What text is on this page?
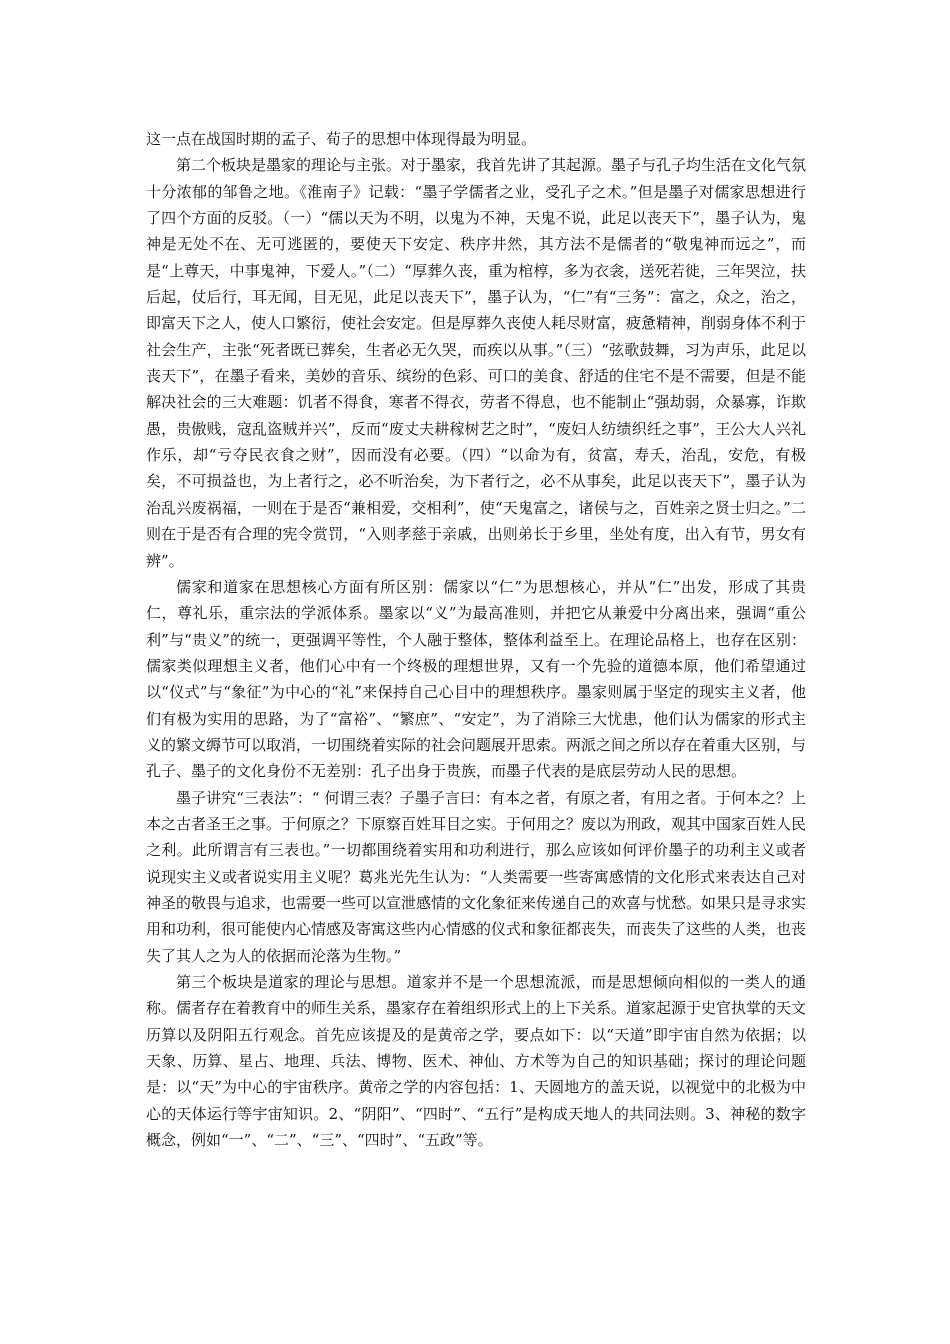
这一点在战国时期的孟子、荀子的思想中体现得最为明显。

第二个板块是墨家的理论与主张。对于墨家，我首先讲了其起源。墨子与孔子均生活在文化气氛十分浓郁的邹鲁之地。《淮南子》记载：“墨子学儒者之业，受孔子之术。”但是墨子对儒家思想进行了四个方面的反驳。（一）“儒以天为不明，以鬼为不神，天鬼不说，此足以丧天下”，墨子认为，鬼神是无处不在、无可逃匿的，要使天下安定、秩序井然，其方法不是儒者的“敬鬼神而远之”，而是“上尊天，中事鬼神，下爱人。”（二）“厚葬久丧，重为棺椁，多为衣衾，送死若徙，三年哭泣，扶后起，仗后行，耳无闻，目无见，此足以丧天下”，墨子认为，“仁”有“三务”：富之，众之，治之，即富天下之人，使人口繁衍，使社会安定。但是厚葬久丧使人耗尽财富，疲惫精神，削弱身体不利于社会生产，主张“死者既已葬矣，生者必无久哭，而疾以从事。”（三）“弦歌鼓舞，习为声乐，此足以丧天下”，在墨子看来，美妙的音乐、缤纷的色彩、可口的美食、舒适的住宅不是不需要，但是不能解决社会的三大难题：饥者不得食，寒者不得衣，劳者不得息，也不能制止“强劫弱，众暴寡，诈欺愚，贵傲贱，寇乱盗贼并兴”，反而“废丈夫耕稼树艺之时”，“废妇人纺绩织纴之事”，王公大人兴礼作乐，却“亏夺民衣食之财”，因而没有必要。（四）“以命为有，贫富，寿夭，治乱，安危，有极矣，不可损益也，为上者行之，必不听治矣，为下者行之，必不从事矣，此足以丧天下”，墨子认为治乱兴废祸福，一则在于是否“兼相爱，交相利”，使“天鬼富之，诸侯与之，百姓亲之贤士归之。”二则在于是否有合理的宪令赏罚，“入则孝慈于亲戚，出则弟长于乡里，坐处有度，出入有节，男女有辨”。

儒家和道家在思想核心方面有所区别：儒家以“仁”为思想核心，并从“仁”出发，形成了其贵仁，尊礼乐，重宗法的学派体系。墨家以“义”为最高准则，并把它从兼爱中分离出来，强调“重公利”与“贵义”的统一，更强调平等性，个人融于整体，整体利益至上。在理论品格上，也存在区别：儒家类似理想主义者，他们心中有一个终极的理想世界，又有一个先验的道德本原，他们希望通过以“仪式”与“象征”为中心的“礼”来保持自己心目中的理想秩序。墨家则属于坚定的现实主义者，他们有极为实用的思路，为了“富裕”、“繁庶”、“安定”，为了消除三大忧患，他们认为儒家的形式主义的繁文缛节可以取消，一切围绕着实际的社会问题展开思索。两派之间之所以存在着重大区别，与孔子、墨子的文化身份不无差别：孔子出身于贵族，而墨子代表的是底层劳动人民的思想。

墨子讲究“三表法”：“ 何谓三表？子墨子言曰：有本之者，有原之者，有用之者。于何本之？上本之古者圣王之事。于何原之？下原察百姓耳目之实。于何用之？废以为刑政，观其中国家百姓人民之利。此所谓言有三表也。”一切都围绕着实用和功利进行，那么应该如何评价墨子的功利主义或者说现实主义或者说实用主义呢？葛兆光先生认为：“人类需要一些寄寓感情的文化形式来表达自己对神圣的敬畏与追求，也需要一些可以宣泄感情的文化象征来传递自己的欢喜与忧愁。如果只是寻求实用和功利，很可能使内心情感及寄寓这些内心情感的仪式和象征都丧失，而丧失了这些的人类，也丧失了其人之为人的依据而沦落为生物。”

第三个板块是道家的理论与思想。道家并不是一个思想流派，而是思想倾向相似的一类人的通称。儒者存在着教育中的师生关系，墨家存在着组织形式上的上下关系。道家起源于史官执掌的天文历算以及阴阳五行观念。首先应该提及的是黄帝之学，要点如下：以“天道”即宇宙自然为依据；以天象、历算、星占、地理、兵法、博物、医术、神仙、方术等为自己的知识基础；探讨的理论问题是：以“天”为中心的宇宙秩序。黄帝之学的内容包括：1、天圆地方的盖天说，以视觉中的北极为中心的天体运行等宇宙知识。2、“阴阳”、“四时”、“五行”是构成天地人的共同法则。3、神秘的数字概念，例如“一”、“二”、“三”、“四时”、“五政”等。
